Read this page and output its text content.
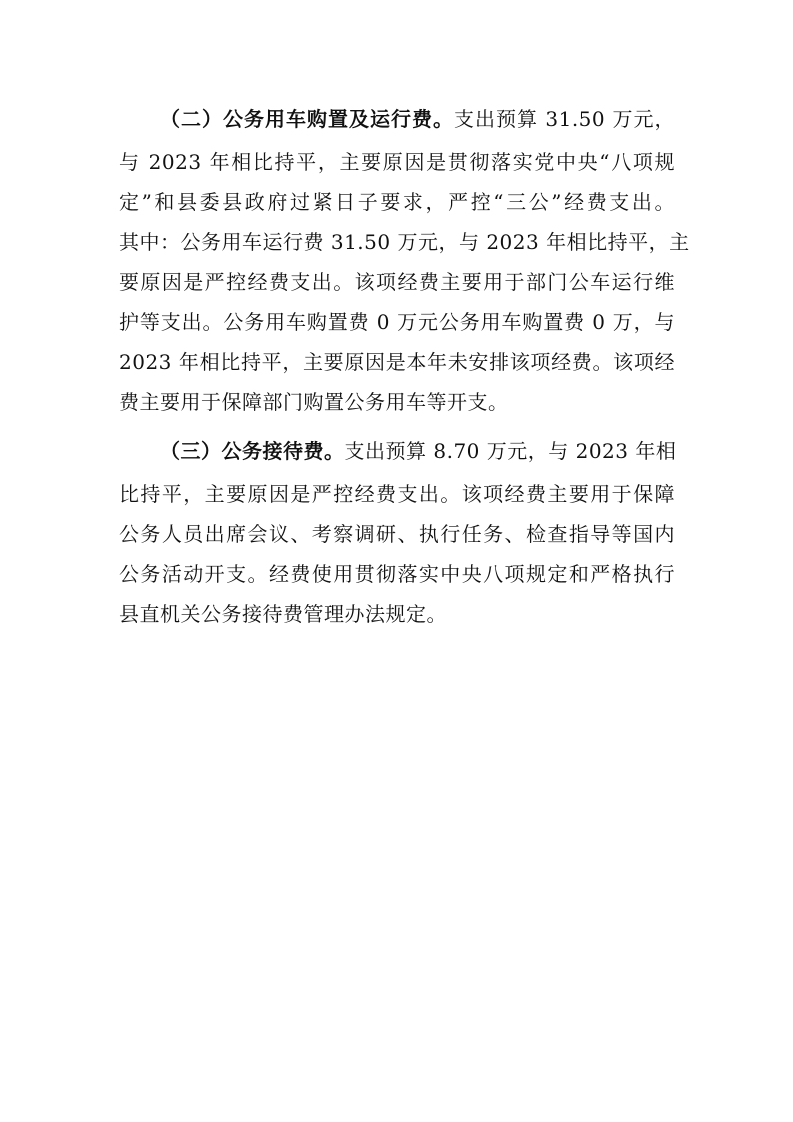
（二）公务用车购置及运行费。支出预算 31.50 万元，
与 2023 年相比持平，主要原因是贯彻落实党中央“八项规
定”和县委县政府过紧日子要求，严控“三公”经费支出。
其中：公务用车运行费 31.50 万元，与 2023 年相比持平，主
要原因是严控经费支出。该项经费主要用于部门公车运行维
护等支出。公务用车购置费 0 万元公务用车购置费 0 万，与
2023 年相比持平，主要原因是本年未安排该项经费。该项经
费主要用于保障部门购置公务用车等开支。
（三）公务接待费。支出预算 8.70 万元，与 2023 年相
比持平，主要原因是严控经费支出。该项经费主要用于保障
公务人员出席会议、考察调研、执行任务、检查指导等国内
公务活动开支。经费使用贯彻落实中央八项规定和严格执行
县直机关公务接待费管理办法规定。
